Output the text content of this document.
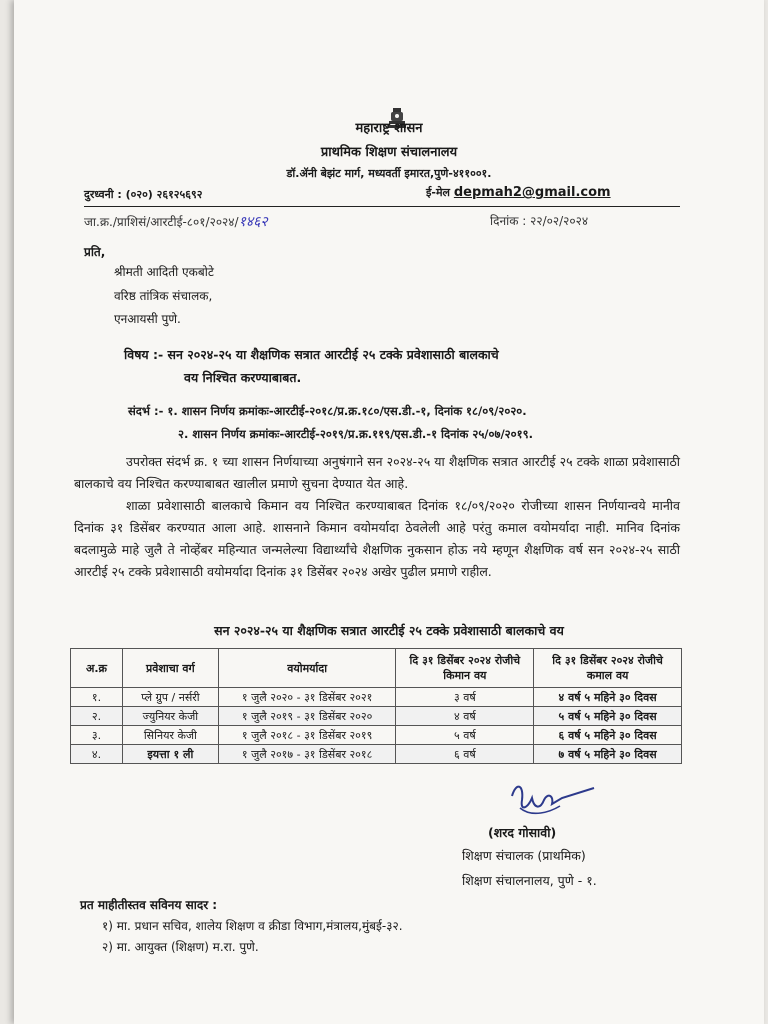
महाराष्ट्र शासन
प्राथमिक शिक्षण संचालनालय
डॉ.ॲनी बेझंट मार्ग, मध्यवर्ती इमारत,पुणे-४११००१.
दुरध्वनी : (०२०) २६१२५६९२	ई-मेल depmah2@gmail.com
जा.क्र./प्राशिसं/आरटीई-८०१/२०२४/१४६२	दिनांक : २२/०२/२०२४
प्रति,
श्रीमती आदिती एकबोटे
वरिष्ठ तांत्रिक संचालक,
एनआयसी पुणे.
विषय :- सन २०२४-२५ या शैक्षणिक सत्रात आरटीई २५ टक्के प्रवेशासाठी बालकाचे
वय निश्चित करण्याबाबत.
संदर्भ :- १. शासन निर्णय क्रमांकः-आरटीई-२०१८/प्र.क्र.१८०/एस.डी.-१, दिनांक १८/०९/२०२०.
२. शासन निर्णय क्रमांकः-आरटीई-२०१९/प्र.क्र.११९/एस.डी.-१ दिनांक २५/०७/२०१९.
उपरोक्त संदर्भ क्र. १ च्या शासन निर्णयाच्या अनुषंगाने सन २०२४-२५ या शैक्षणिक सत्रात आरटीई २५ टक्के शाळा प्रवेशासाठी बालकाचे वय निश्चित करण्याबाबत खालील प्रमाणे सुचना देण्यात येत आहे.
शाळा प्रवेशासाठी बालकाचे किमान वय निश्चित करण्याबाबत दिनांक १८/०९/२०२० रोजीच्या शासन निर्णयान्वये मानीव दिनांक ३१ डिसेंबर करण्यात आला आहे. शासनाने किमान वयोमर्यादा ठेवलेली आहे परंतु कमाल वयोमर्यादा नाही. मानिव दिनांक बदलामुळे माहे जुलै ते नोव्हेंबर महिन्यात जन्मलेल्या विद्यार्थ्यांचे शैक्षणिक नुकसान होऊ नये म्हणून शैक्षणिक वर्ष सन २०२४-२५ साठी आरटीई २५ टक्के प्रवेशासाठी वयोमर्यादा दिनांक ३१ डिसेंबर २०२४ अखेर पुढील प्रमाणे राहील.
सन २०२४-२५ या शैक्षणिक सत्रात आरटीई २५ टक्के प्रवेशासाठी बालकाचे वय
अ.क्र	प्रवेशाचा वर्ग	वयोमर्यादा	दि ३१ डिसेंबर २०२४ रोजीचे किमान वय	दि ३१ डिसेंबर २०२४ रोजीचे कमाल वय
१.	प्ले ग्रुप / नर्सरी	१ जुलै २०२० - ३१ डिसेंबर २०२१	३ वर्ष	४ वर्ष ५ महिने ३० दिवस
२.	ज्युनियर केजी	१ जुलै २०१९ - ३१ डिसेंबर २०२०	४ वर्ष	५ वर्ष ५ महिने ३० दिवस
३.	सिनियर केजी	१ जुलै २०१८ - ३१ डिसेंबर २०१९	५ वर्ष	६ वर्ष ५ महिने ३० दिवस
४.	इयत्ता १ ली	१ जुलै २०१७ - ३१ डिसेंबर २०१८	६ वर्ष	७ वर्ष ५ महिने ३० दिवस
(शरद गोसावी)
शिक्षण संचालक (प्राथमिक)
शिक्षण संचालनालय, पुणे - १.
प्रत माहीतीस्तव सविनय सादर :
१) मा. प्रधान सचिव, शालेय शिक्षण व क्रीडा विभाग,मंत्रालय,मुंबई-३२.
२) मा. आयुक्त (शिक्षण) म.रा. पुणे.
